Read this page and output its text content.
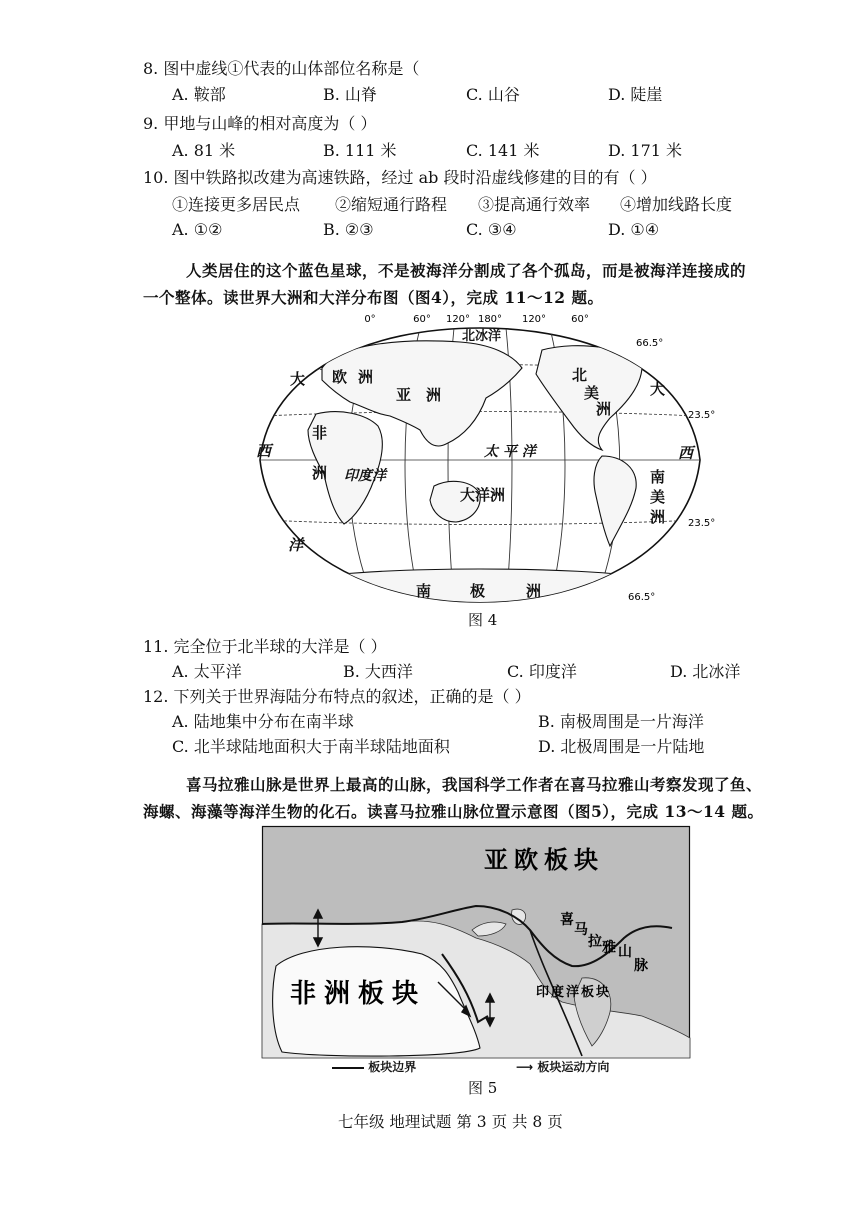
8. 图中虚线①代表的山体部位名称是（
A. 鞍部	B. 山脊	C. 山谷	D. 陡崖
9. 甲地与山峰的相对高度为（ ）
A. 81 米	B. 111 米	C. 141 米	D. 171 米
10. 图中铁路拟改建为高速铁路，经过 ab 段时沿虚线修建的目的有（ ）
①连接更多居民点 ②缩短通行路程 ③提高通行效率 ④增加线路长度
A. ①②	B. ②③	C. ③④	D. ①④
人类居住的这个蓝色星球，不是被海洋分割成了各个孤岛，而是被海洋连接成的
一个整体。读世界大洲和大洋分布图（图4），完成 11～12 题。
0°	60° 120° 180° 120°	60°
66.5°
23.5°
23.5°
66.5°
北冰洋
欧 洲
亚 洲
大
西
洋
非
洲 印度洋
太 平 洋
大洋洲
北
美
洲
大
西
南
美
洲
南	极	洲
图 4
11. 完全位于北半球的大洋是（ ）
A. 太平洋	B. 大西洋	C. 印度洋	D. 北冰洋
12. 下列关于世界海陆分布特点的叙述，正确的是（ ）
A. 陆地集中分布在南半球	B. 南极周围是一片海洋
C. 北半球陆地面积大于南半球陆地面积	D. 北极周围是一片陆地
喜马拉雅山脉是世界上最高的山脉，我国科学工作者在喜马拉雅山考察发现了鱼、
海螺、海藻等海洋生物的化石。读喜马拉雅山脉位置示意图（图5），完成 13～14 题。
亚欧板块
非洲板块	印度洋板块
喜
马
拉 雅 山
脉
板块边界	⟶ 板块运动方向
图 5
七年级 地理试题 第 3 页 共 8 页
